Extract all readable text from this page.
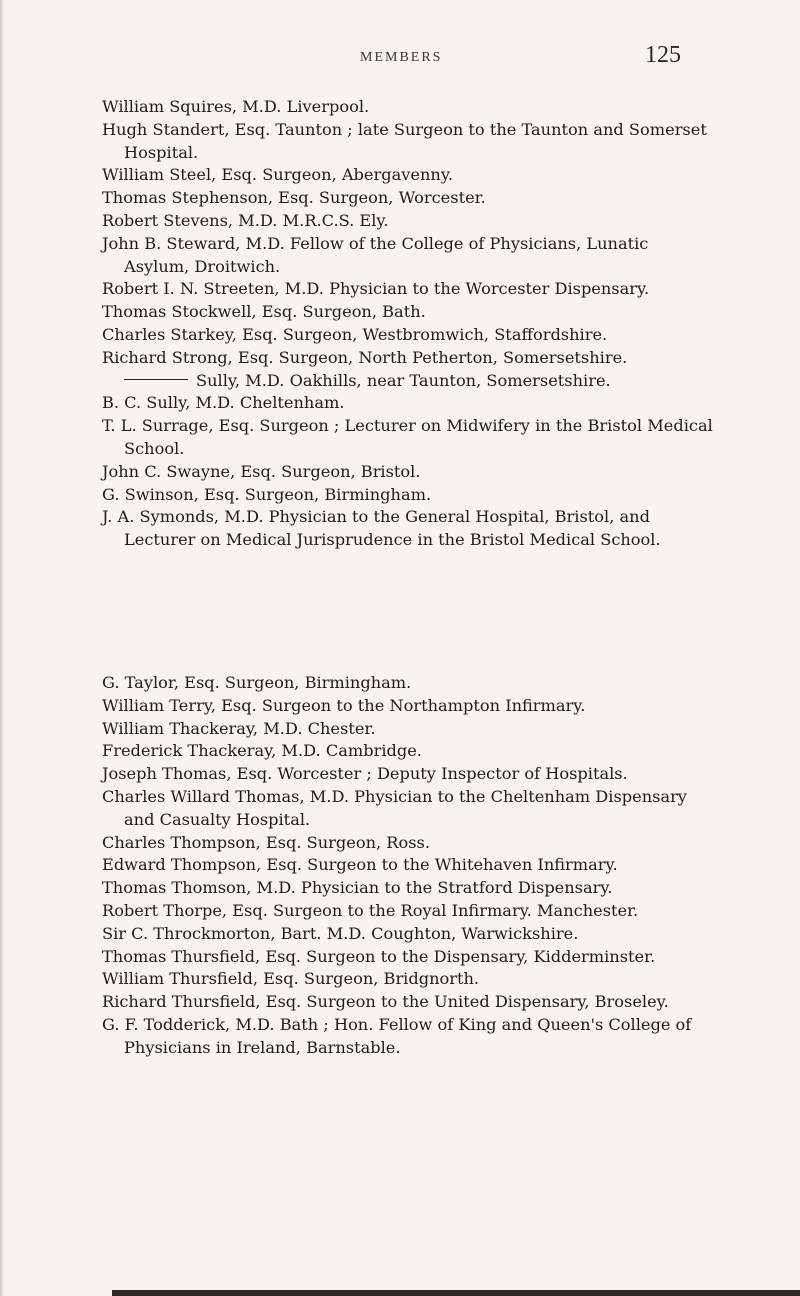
MEMBERS	125

William Squires, M.D. Liverpool.

Hugh Standert, Esq. Taunton ; late Surgeon to the Taunton and Somerset Hospital.

William Steel, Esq. Surgeon, Abergavenny.

Thomas Stephenson, Esq. Surgeon, Worcester.

Robert Stevens, M.D. M.R.C.S. Ely.

John B. Steward, M.D. Fellow of the College of Physicians, Lunatic Asylum, Droitwich.

Robert I. N. Streeten, M.D. Physician to the Worcester Dispensary.

Thomas Stockwell, Esq. Surgeon, Bath.

Charles Starkey, Esq. Surgeon, Westbromwich, Staffordshire.

Richard Strong, Esq. Surgeon, North Petherton, Somersetshire.

Sully, M.D. Oakhills, near Taunton, Somersetshire.

B. C. Sully, M.D. Cheltenham.

T. L. Surrage, Esq. Surgeon ; Lecturer on Midwifery in the Bristol Medical School.

John C. Swayne, Esq. Surgeon, Bristol.

G. Swinson, Esq. Surgeon, Birmingham.

J. A. Symonds, M.D. Physician to the General Hospital, Bristol, and Lecturer on Medical Jurisprudence in the Bristol Medical School.

G. Taylor, Esq. Surgeon, Birmingham.

William Terry, Esq. Surgeon to the Northampton Infirmary.

William Thackeray, M.D. Chester.

Frederick Thackeray, M.D. Cambridge.

Joseph Thomas, Esq. Worcester ; Deputy Inspector of Hospitals.

Charles Willard Thomas, M.D. Physician to the Cheltenham Dispensary and Casualty Hospital.

Charles Thompson, Esq. Surgeon, Ross.

Edward Thompson, Esq. Surgeon to the Whitehaven Infirmary.

Thomas Thomson, M.D. Physician to the Stratford Dispensary.

Robert Thorpe, Esq. Surgeon to the Royal Infirmary. Manchester.

Sir C. Throckmorton, Bart. M.D. Coughton, Warwickshire.

Thomas Thursfield, Esq. Surgeon to the Dispensary, Kidderminster.

William Thursfield, Esq. Surgeon, Bridgnorth.

Richard Thursfield, Esq. Surgeon to the United Dispensary, Broseley.

G. F. Todderick, M.D. Bath ; Hon. Fellow of King and Queen's College of Physicians in Ireland, Barnstable.
